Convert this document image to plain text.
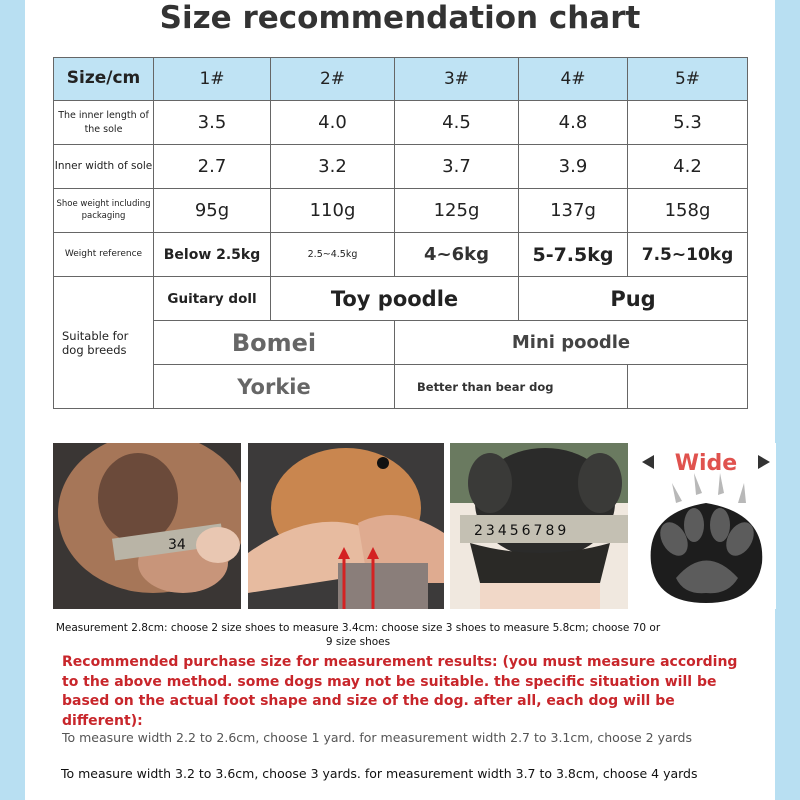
Size recommendation chart
Size/cm	1#	2#	3#	4#	5#
The inner length of the sole	3.5	4.0	4.5	4.8	5.3
Inner width of sole	2.7	3.2	3.7	3.9	4.2
Shoe weight including packaging	95g	110g	125g	137g	158g
Weight reference	Below 2.5kg	2.5~4.5kg	4~6kg	5-7.5kg	7.5~10kg
Suitable for dog breeds	Guitary doll	Toy poodle		Pug	
	Bomei		Mini poodle		
	Yorkie		Better than bear dog		
34
23456789
Wide
Measurement 2.8cm: choose 2 size shoes to measure 3.4cm: choose size 3 shoes to measure 5.8cm; choose 70 or 9 size shoes
Recommended purchase size for measurement results: (you must measure according to the above method. some dogs may not be suitable. the specific situation will be based on the actual foot shape and size of the dog. after all, each dog will be different):
To measure width 2.2 to 2.6cm, choose 1 yard. for measurement width 2.7 to 3.1cm, choose 2 yards
To measure width 3.2 to 3.6cm, choose 3 yards. for measurement width 3.7 to 3.8cm, choose 4 yards
